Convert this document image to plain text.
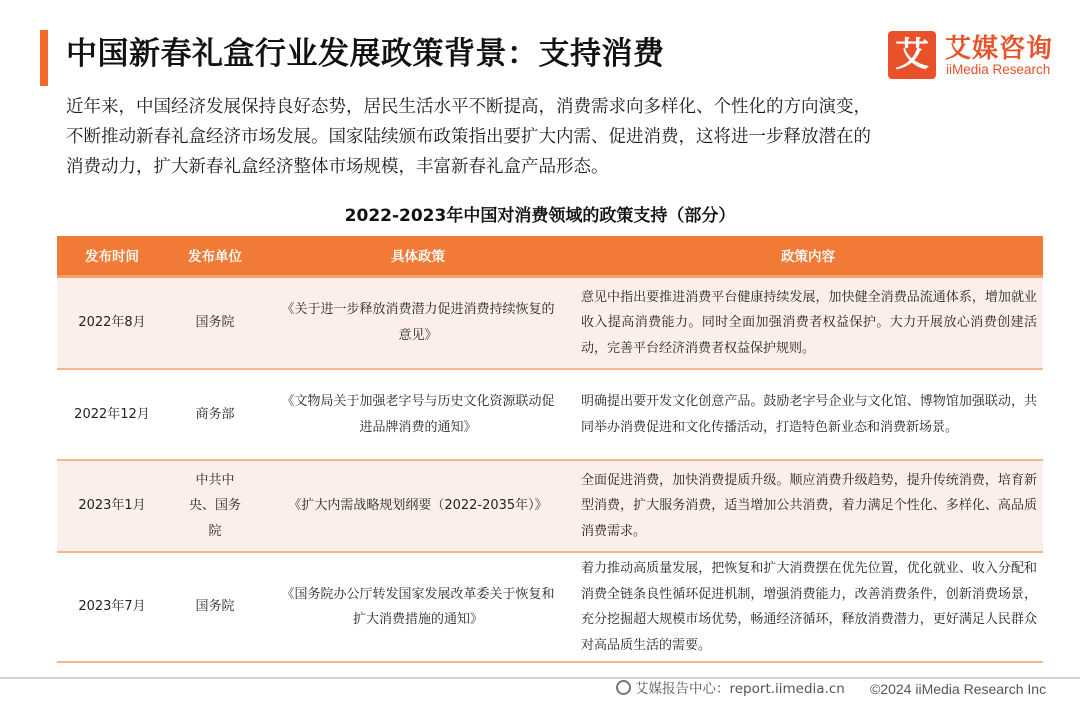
中国新春礼盒行业发展政策背景：支持消费	艾 艾媒咨询
iiMedia Research

近年来，中国经济发展保持良好态势，居民生活水平不断提高，消费需求向多样化、个性化的方向演变，

不断推动新春礼盒经济市场发展。国家陆续颁布政策指出要扩大内需、促进消费，这将进一步释放潜在的

消费动力，扩大新春礼盒经济整体市场规模，丰富新春礼盒产品形态。

2022-2023年中国对消费领域的政策支持（部分）
发布时间	发布单位	具体政策	政策内容
2022年8月	国务院	《关于进一步释放消费潜力促进消费持续恢复的意见》	意见中指出要推进消费平台健康持续发展，加快健全消费品流通体系，增加就业收入提高消费能力。同时全面加强消费者权益保护。大力开展放心消费创建活动，完善平台经济消费者权益保护规则。
2022年12月	商务部	《文物局关于加强老字号与历史文化资源联动促进品牌消费的通知》	明确提出要开发文化创意产品。鼓励老字号企业与文化馆、博物馆加强联动，共同举办消费促进和文化传播活动，打造特色新业态和消费新场景。
2023年1月	中共中央、国务院	《扩大内需战略规划纲要（2022-2035年）》	全面促进消费，加快消费提质升级。顺应消费升级趋势，提升传统消费，培育新型消费，扩大服务消费，适当增加公共消费，着力满足个性化、多样化、高品质消费需求。
2023年7月	国务院	《国务院办公厅转发国家发展改革委关于恢复和扩大消费措施的通知》	着力推动高质量发展，把恢复和扩大消费摆在优先位置，优化就业、收入分配和消费全链条良性循环促进机制，增强消费能力，改善消费条件，创新消费场景，充分挖掘超大规模市场优势，畅通经济循环，释放消费潜力，更好满足人民群众对高品质生活的需要。
艾媒报告中心：report.iimedia.cn ©2024 iiMedia Research Inc
